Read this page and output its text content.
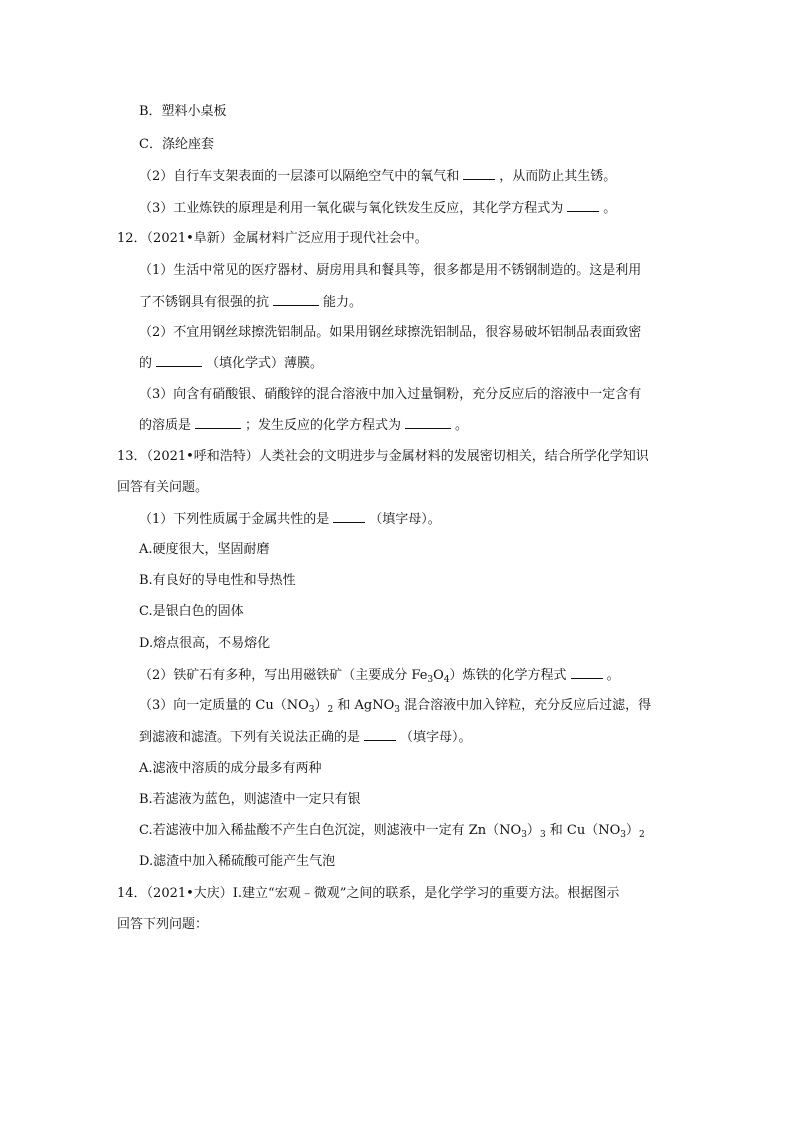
B．塑料小桌板
C．涤纶座套
（2）自行车支架表面的一层漆可以隔绝空气中的氧气和	，从而防止其生锈。
（3）工业炼铁的原理是利用一氧化碳与氧化铁发生反应，其化学方程式为	。
12．（2021•阜新）金属材料广泛应用于现代社会中。
（1）生活中常见的医疗器材、厨房用具和餐具等，很多都是用不锈钢制造的。这是利用
了不锈钢具有很强的抗	能力。
（2）不宜用钢丝球擦洗铝制品。如果用钢丝球擦洗铝制品，很容易破坏铝制品表面致密
的	（填化学式）薄膜。
（3）向含有硝酸银、硝酸锌的混合溶液中加入过量铜粉，充分反应后的溶液中一定含有
的溶质是	；发生反应的化学方程式为	。
13．（2021•呼和浩特）人类社会的文明进步与金属材料的发展密切相关，结合所学化学知识
回答有关问题。
（1）下列性质属于金属共性的是	（填字母）。
A.硬度很大，坚固耐磨
B.有良好的导电性和导热性
C.是银白色的固体
D.熔点很高，不易熔化
（2）铁矿石有多种，写出用磁铁矿（主要成分 $Fe_3O_4$）炼铁的化学方程式	。
（3）向一定质量的 $Cu(NO_3)_2$ 和 AgNO$_3$ 混合溶液中加入锌粒，充分反应后过滤，得
到滤液和滤渣。下列有关说法正确的是	（填字母）。
A.滤液中溶质的成分最多有两种
B.若滤液为蓝色，则滤渣中一定只有银
C.若滤液中加入稀盐酸不产生白色沉淀，则滤液中一定有 $Zn(NO_3)_3$ 和 $Cu(NO_3)_2$
D.滤渣中加入稀硫酸可能产生气泡
14．（2021•大庆）Ⅰ.建立“宏观﹣微观”之间的联系，是化学学习的重要方法。根据图示
回答下列问题：
